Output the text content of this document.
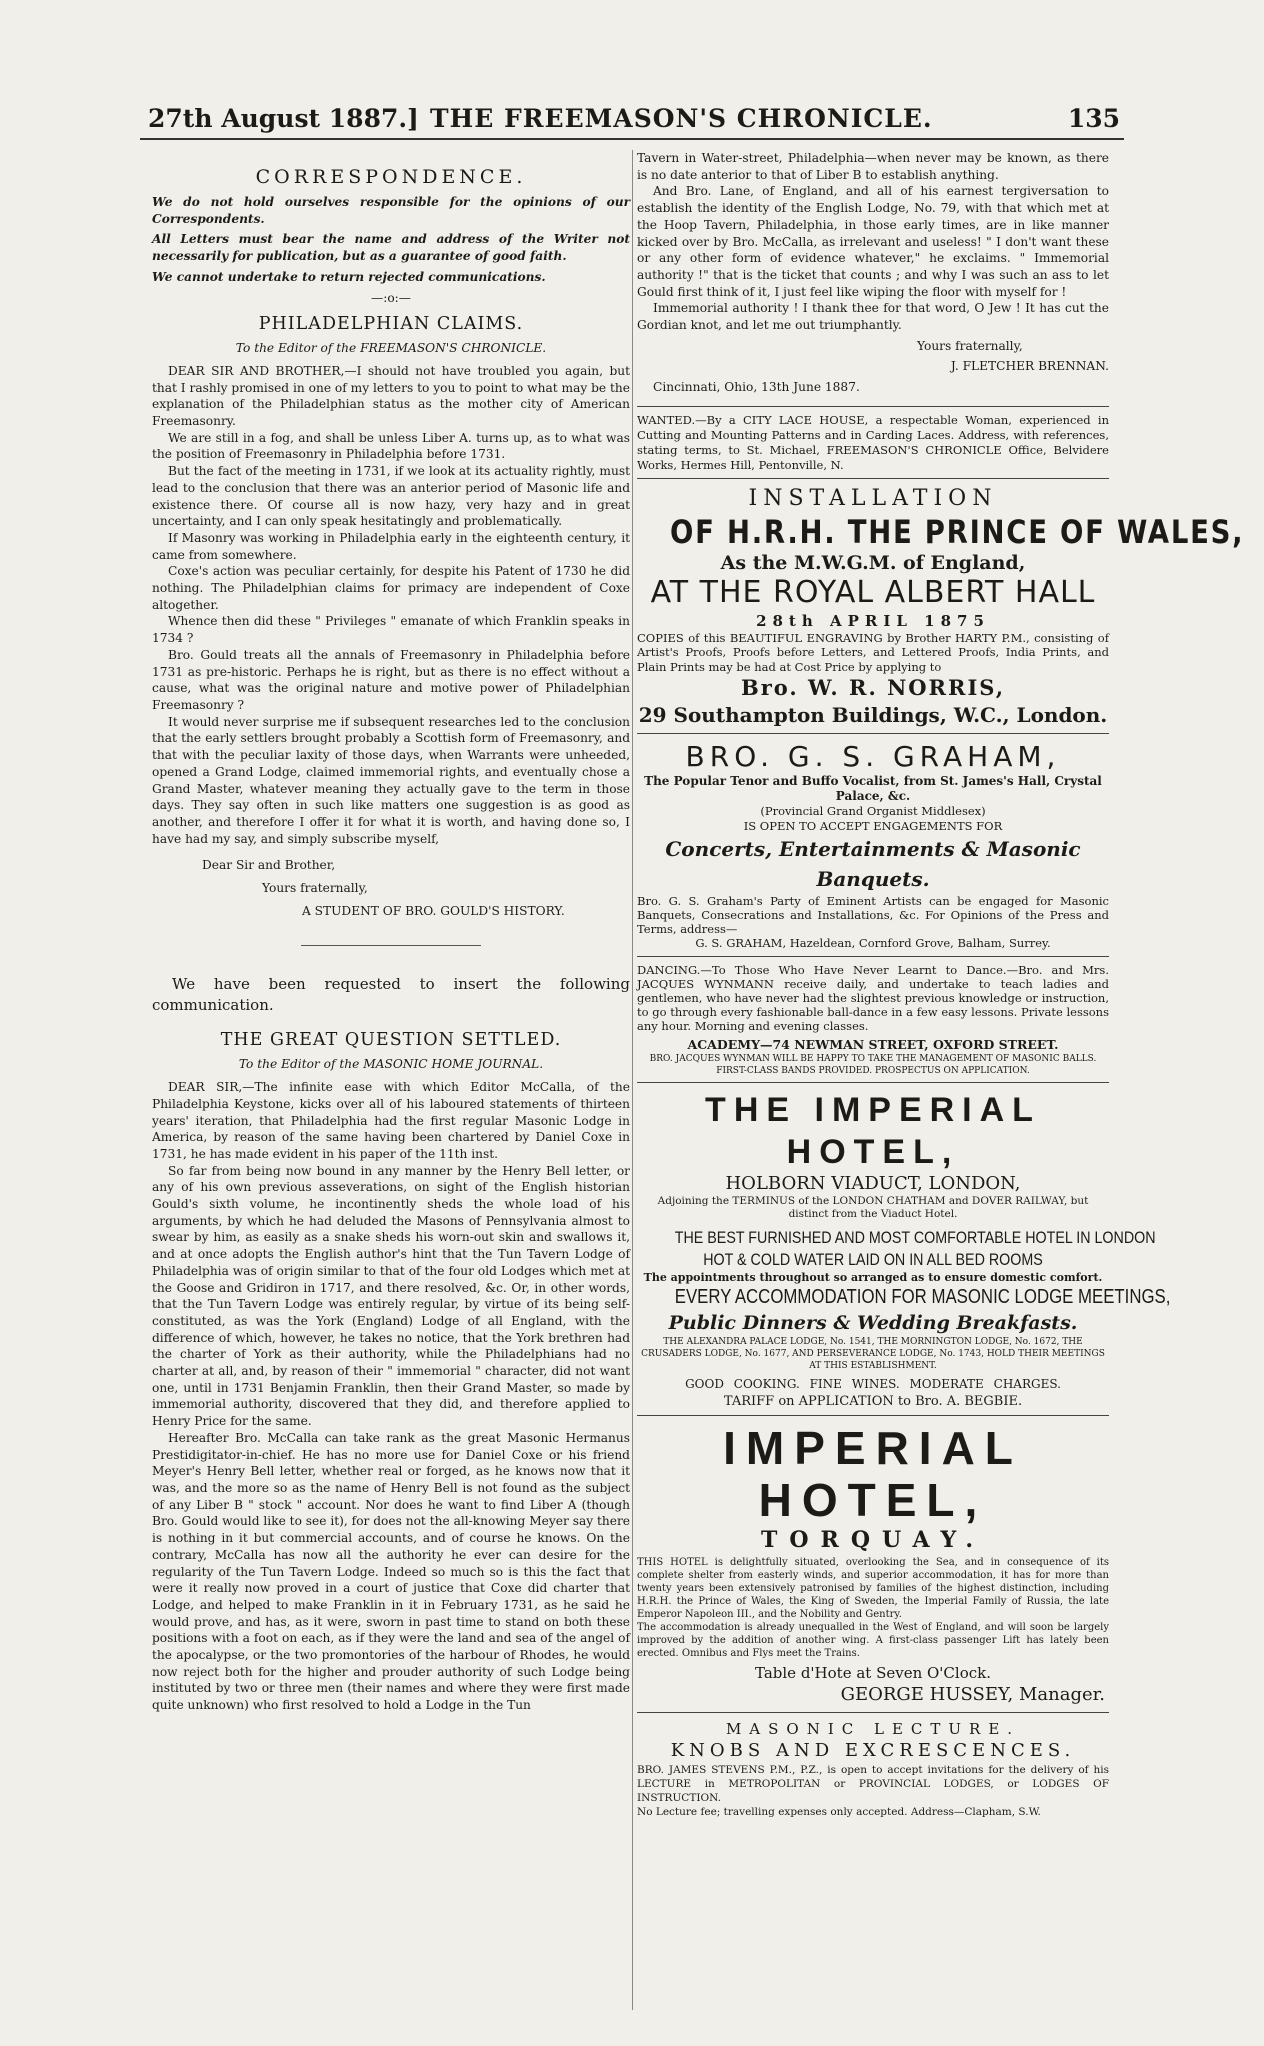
27th August 1887.] THE FREEMASON'S CHRONICLE.	135
CORRESPONDENCE.

We do not hold ourselves responsible for the opinions of our Correspondents.

All Letters must bear the name and address of the Writer not necessarily for publication, but as a guarantee of good faith.

We cannot undertake to return rejected communications.

—:o:—

PHILADELPHIAN CLAIMS.

To the Editor of the FREEMASON'S CHRONICLE.

DEAR SIR AND BROTHER,—I should not have troubled you again, but that I rashly promised in one of my letters to you to point to what may be the explanation of the Philadelphian status as the mother city of American Freemasonry.

We are still in a fog, and shall be unless Liber A. turns up, as to what was the position of Freemasonry in Philadelphia before 1731.

But the fact of the meeting in 1731, if we look at its actuality rightly, must lead to the conclusion that there was an anterior period of Masonic life and existence there. Of course all is now hazy, very hazy and in great uncertainty, and I can only speak hesitatingly and problematically.

If Masonry was working in Philadelphia early in the eighteenth century, it came from somewhere.

Coxe's action was peculiar certainly, for despite his Patent of 1730 he did nothing. The Philadelphian claims for primacy are independent of Coxe altogether.

Whence then did these " Privileges " emanate of which Franklin speaks in 1734 ?

Bro. Gould treats all the annals of Freemasonry in Philadelphia before 1731 as pre-historic. Perhaps he is right, but as there is no effect without a cause, what was the original nature and motive power of Philadelphian Freemasonry ?

It would never surprise me if subsequent researches led to the conclusion that the early settlers brought probably a Scottish form of Freemasonry, and that with the peculiar laxity of those days, when Warrants were unheeded, opened a Grand Lodge, claimed immemorial rights, and eventually chose a Grand Master, whatever meaning they actually gave to the term in those days. They say often in such like matters one suggestion is as good as another, and therefore I offer it for what it is worth, and having done so, I have had my say, and simply subscribe myself,

Dear Sir and Brother,

Yours fraternally,

A STUDENT OF BRO. GOULD'S HISTORY.

We have been requested to insert the following communication.

THE GREAT QUESTION SETTLED.

To the Editor of the MASONIC HOME JOURNAL.

DEAR SIR,—The infinite ease with which Editor McCalla, of the Philadelphia Keystone, kicks over all of his laboured statements of thirteen years' iteration, that Philadelphia had the first regular Masonic Lodge in America, by reason of the same having been chartered by Daniel Coxe in 1731, he has made evident in his paper of the 11th inst.

So far from being now bound in any manner by the Henry Bell letter, or any of his own previous asseverations, on sight of the English historian Gould's sixth volume, he incontinently sheds the whole load of his arguments, by which he had deluded the Masons of Pennsylvania almost to swear by him, as easily as a snake sheds his worn-out skin and swallows it, and at once adopts the English author's hint that the Tun Tavern Lodge of Philadelphia was of origin similar to that of the four old Lodges which met at the Goose and Gridiron in 1717, and there resolved, &c. Or, in other words, that the Tun Tavern Lodge was entirely regular, by virtue of its being self-constituted, as was the York (England) Lodge of all England, with the difference of which, however, he takes no notice, that the York brethren had the charter of York as their authority, while the Philadelphians had no charter at all, and, by reason of their " immemorial " character, did not want one, until in 1731 Benjamin Franklin, then their Grand Master, so made by immemorial authority, discovered that they did, and therefore applied to Henry Price for the same.

Hereafter Bro. McCalla can take rank as the great Masonic Hermanus Prestidigitator-in-chief. He has no more use for Daniel Coxe or his friend Meyer's Henry Bell letter, whether real or forged, as he knows now that it was, and the more so as the name of Henry Bell is not found as the subject of any Liber B " stock " account. Nor does he want to find Liber A (though Bro. Gould would like to see it), for does not the all-knowing Meyer say there is nothing in it but commercial accounts, and of course he knows. On the contrary, McCalla has now all the authority he ever can desire for the regularity of the Tun Tavern Lodge. Indeed so much so is this the fact that were it really now proved in a court of justice that Coxe did charter that Lodge, and helped to make Franklin in it in February 1731, as he said he would prove, and has, as it were, sworn in past time to stand on both these positions with a foot on each, as if they were the land and sea of the angel of the apocalypse, or the two promontories of the harbour of Rhodes, he would now reject both for the higher and prouder authority of such Lodge being instituted by two or three men (their names and where they were first made quite unknown) who first resolved to hold a Lodge in the Tun

Tavern in Water-street, Philadelphia—when never may be known, as there is no date anterior to that of Liber B to establish anything.

And Bro. Lane, of England, and all of his earnest tergiversation to establish the identity of the English Lodge, No. 79, with that which met at the Hoop Tavern, Philadelphia, in those early times, are in like manner kicked over by Bro. McCalla, as irrelevant and useless! " I don't want these or any other form of evidence whatever," he exclaims. " Immemorial authority !" that is the ticket that counts ; and why I was such an ass to let Gould first think of it, I just feel like wiping the floor with myself for !

Immemorial authority ! I thank thee for that word, O Jew ! It has cut the Gordian knot, and let me out triumphantly.

Yours fraternally,

J. FLETCHER BRENNAN.

Cincinnati, Ohio, 13th June 1887.

WANTED.—By a CITY LACE HOUSE, a respectable Woman, experienced in Cutting and Mounting Patterns and in Carding Laces. Address, with references, stating terms, to St. Michael, FREEMASON'S CHRONICLE Office, Belvidere Works, Hermes Hill, Pentonville, N.

INSTALLATION
OF H.R.H. THE PRINCE OF WALES,
As the M.W.G.M. of England,
AT THE ROYAL ALBERT HALL
28th APRIL 1875

COPIES of this BEAUTIFUL ENGRAVING by Brother HARTY P.M., consisting of Artist's Proofs, Proofs before Letters, and Lettered Proofs, India Prints, and Plain Prints may be had at Cost Price by applying to

Bro. W. R. NORRIS,
29 Southampton Buildings, W.C., London.
BRO. G. S. GRAHAM,

The Popular Tenor and Buffo Vocalist, from St. James's Hall, Crystal Palace, &c.

(Provincial Grand Organist Middlesex)

IS OPEN TO ACCEPT ENGAGEMENTS FOR

Concerts, Entertainments & Masonic Banquets.

Bro. G. S. Graham's Party of Eminent Artists can be engaged for Masonic Banquets, Consecrations and Installations, &c. For Opinions of the Press and Terms, address—

G. S. GRAHAM, Hazeldean, Cornford Grove, Balham, Surrey.

DANCING.—To Those Who Have Never Learnt to Dance.—Bro. and Mrs. JACQUES WYNMANN receive daily, and undertake to teach ladies and gentlemen, who have never had the slightest previous knowledge or instruction, to go through every fashionable ball-dance in a few easy lessons. Private lessons any hour. Morning and evening classes.

ACADEMY—74 NEWMAN STREET, OXFORD STREET.

BRO. JACQUES WYNMAN WILL BE HAPPY TO TAKE THE MANAGEMENT OF MASONIC BALLS. FIRST-CLASS BANDS PROVIDED. PROSPECTUS ON APPLICATION.

THE IMPERIAL HOTEL,
HOLBORN VIADUCT, LONDON,

Adjoining the TERMINUS of the LONDON CHATHAM and DOVER RAILWAY, but distinct from the Viaduct Hotel.

THE BEST FURNISHED AND MOST COMFORTABLE HOTEL IN LONDON
HOT & COLD WATER LAID ON IN ALL BED ROOMS

The appointments throughout so arranged as to ensure domestic comfort.

EVERY ACCOMMODATION FOR MASONIC LODGE MEETINGS,
Public Dinners & Wedding Breakfasts.

THE ALEXANDRA PALACE LODGE, No. 1541, THE MORNINGTON LODGE, No. 1672, THE CRUSADERS LODGE, No. 1677, AND PERSEVERANCE LODGE, No. 1743, HOLD THEIR MEETINGS AT THIS ESTABLISHMENT.

GOOD COOKING. FINE WINES. MODERATE CHARGES.

TARIFF on APPLICATION to Bro. A. BEGBIE.

IMPERIAL HOTEL,
TORQUAY.

THIS HOTEL is delightfully situated, overlooking the Sea, and in consequence of its complete shelter from easterly winds, and superior accommodation, it has for more than twenty years been extensively patronised by families of the highest distinction, including H.R.H. the Prince of Wales, the King of Sweden, the Imperial Family of Russia, the late Emperor Napoleon III., and the Nobility and Gentry.

The accommodation is already unequalled in the West of England, and will soon be largely improved by the addition of another wing. A first-class passenger Lift has lately been erected. Omnibus and Flys meet the Trains.

Table d'Hote at Seven O'Clock.

GEORGE HUSSEY, Manager.

MASONIC LECTURE.
KNOBS AND EXCRESCENCES.

BRO. JAMES STEVENS P.M., P.Z., is open to accept invitations for the delivery of his LECTURE in METROPOLITAN or PROVINCIAL LODGES, or LODGES OF INSTRUCTION.

No Lecture fee; travelling expenses only accepted. Address—Clapham, S.W.
